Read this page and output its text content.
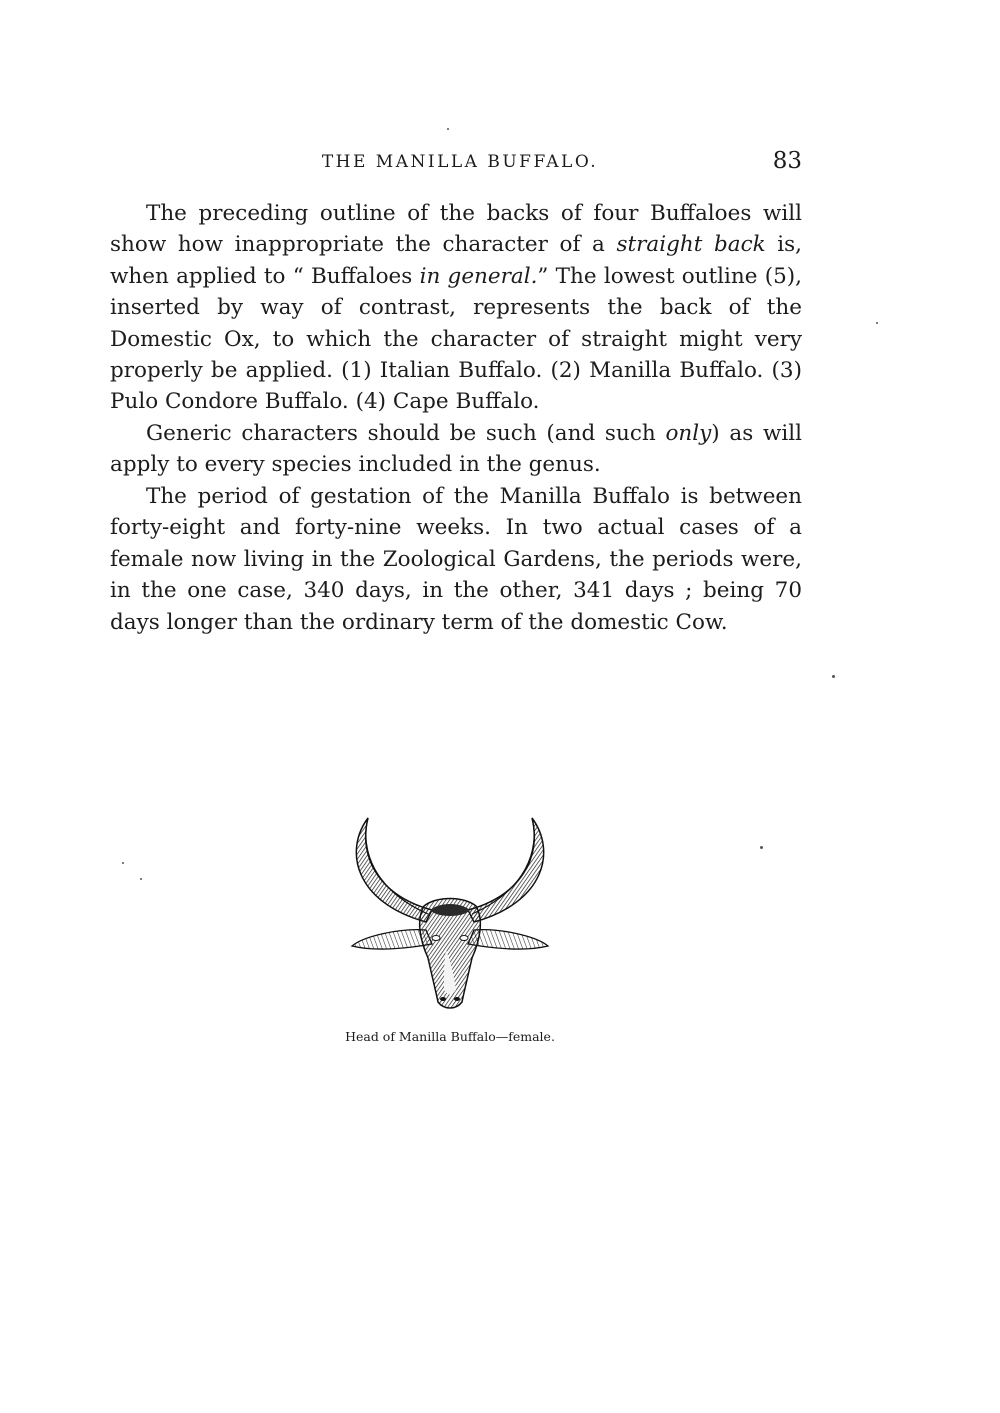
THE MANILLA BUFFALO.	83

The preceding outline of the backs of four Buffaloes will show how inappropriate the character of a straight back is, when applied to “ Buffaloes in general.” The lowest outline (5), inserted by way of contrast, represents the back of the Domestic Ox, to which the character of straight might very properly be applied. (1) Italian Buffalo. (2) Manilla Buffalo. (3) Pulo Condore Buffalo. (4) Cape Buffalo.

Generic characters should be such (and such only) as will apply to every species included in the genus.

The period of gestation of the Manilla Buffalo is between forty-eight and forty-nine weeks. In two actual cases of a female now living in the Zoological Gardens, the periods were, in the one case, 340 days, in the other, 341 days ; being 70 days longer than the ordinary term of the domestic Cow.

Head of Manilla Buffalo—female.
